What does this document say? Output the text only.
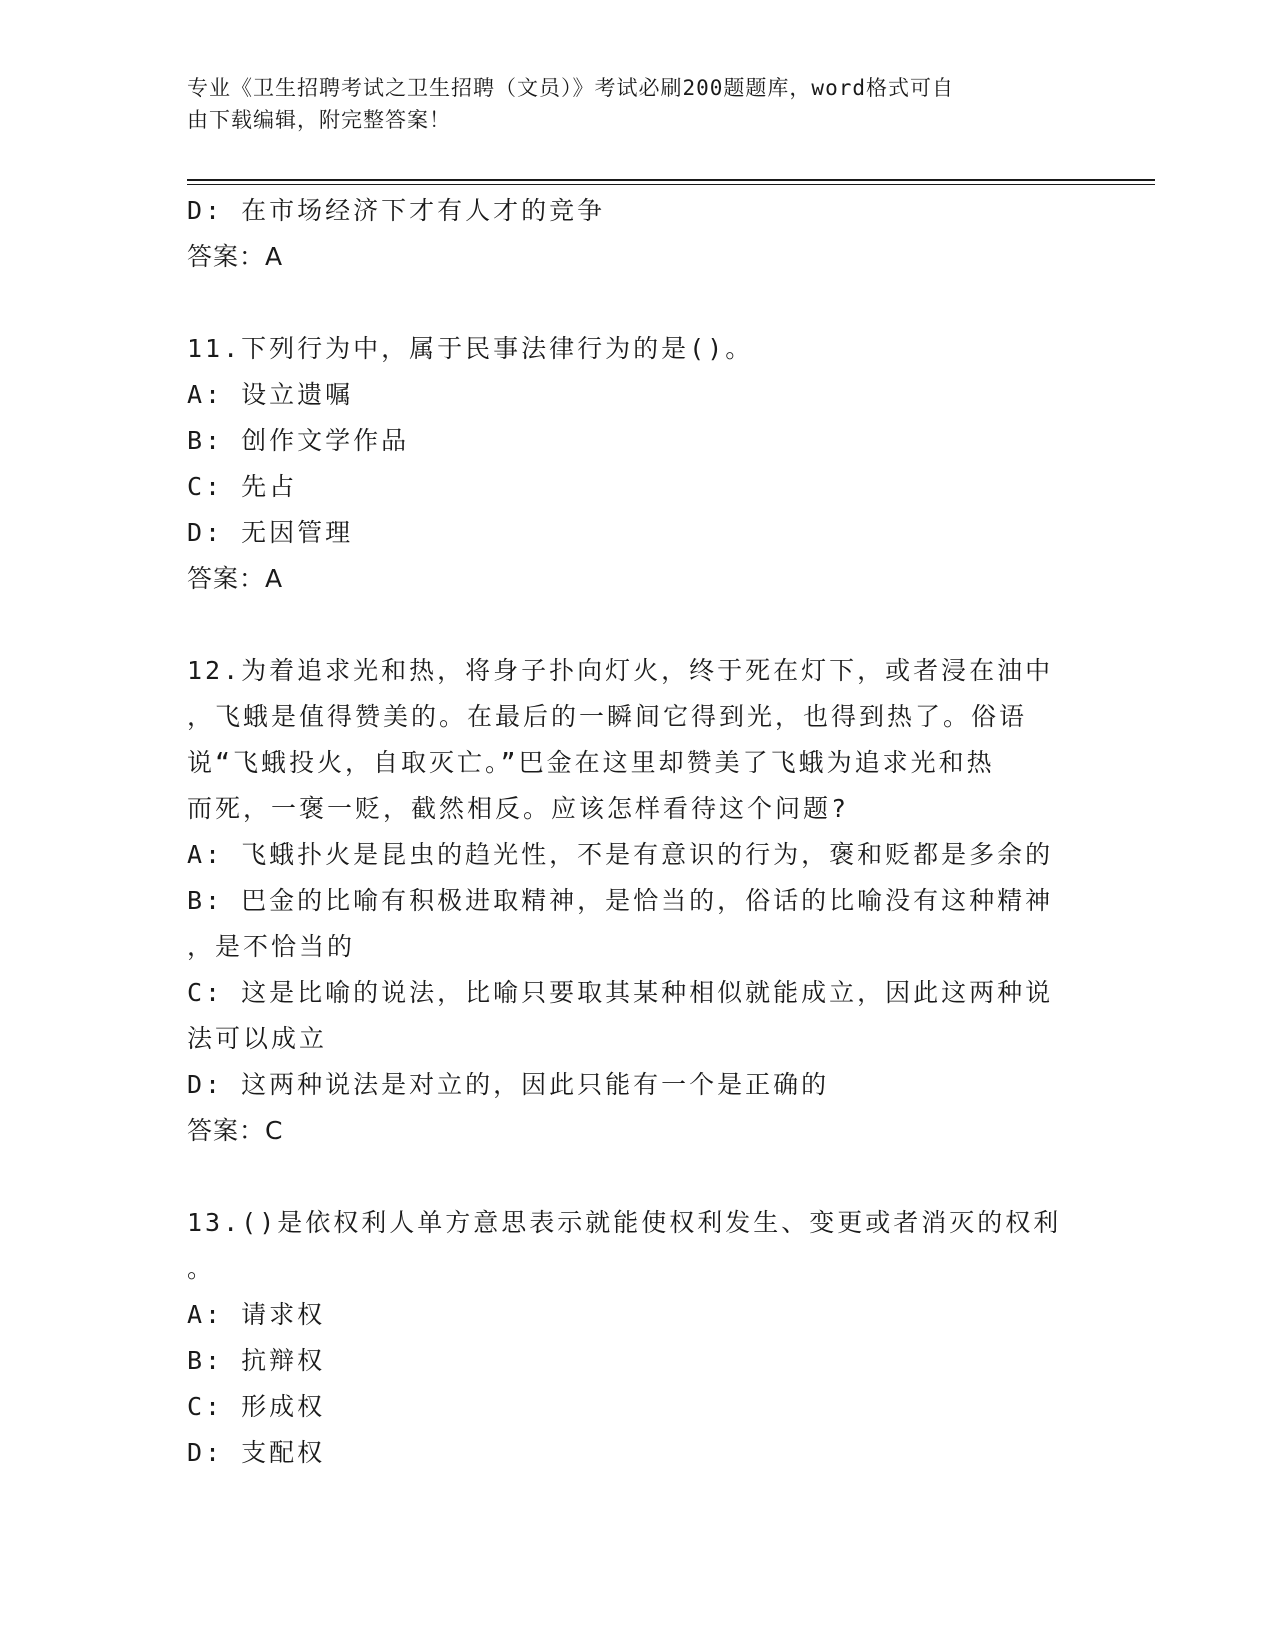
专业《卫生招聘考试之卫生招聘（文员）》考试必刷200题题库，word格式可自
由下载编辑，附完整答案！
D: 在市场经济下才有人才的竞争
答案：A
11.下列行为中，属于民事法律行为的是()。
A: 设立遗嘱
B: 创作文学作品
C: 先占
D: 无因管理
答案：A
12.为着追求光和热，将身子扑向灯火，终于死在灯下，或者浸在油中
，飞蛾是值得赞美的。在最后的一瞬间它得到光，也得到热了。俗语
说“飞蛾投火，自取灭亡。”巴金在这里却赞美了飞蛾为追求光和热
而死，一褒一贬，截然相反。应该怎样看待这个问题?
A: 飞蛾扑火是昆虫的趋光性，不是有意识的行为，褒和贬都是多余的
B: 巴金的比喻有积极进取精神，是恰当的，俗话的比喻没有这种精神
，是不恰当的
C: 这是比喻的说法，比喻只要取其某种相似就能成立，因此这两种说
法可以成立
D: 这两种说法是对立的，因此只能有一个是正确的
答案：C
13.()是依权利人单方意思表示就能使权利发生、变更或者消灭的权利
。
A: 请求权
B: 抗辩权
C: 形成权
D: 支配权
